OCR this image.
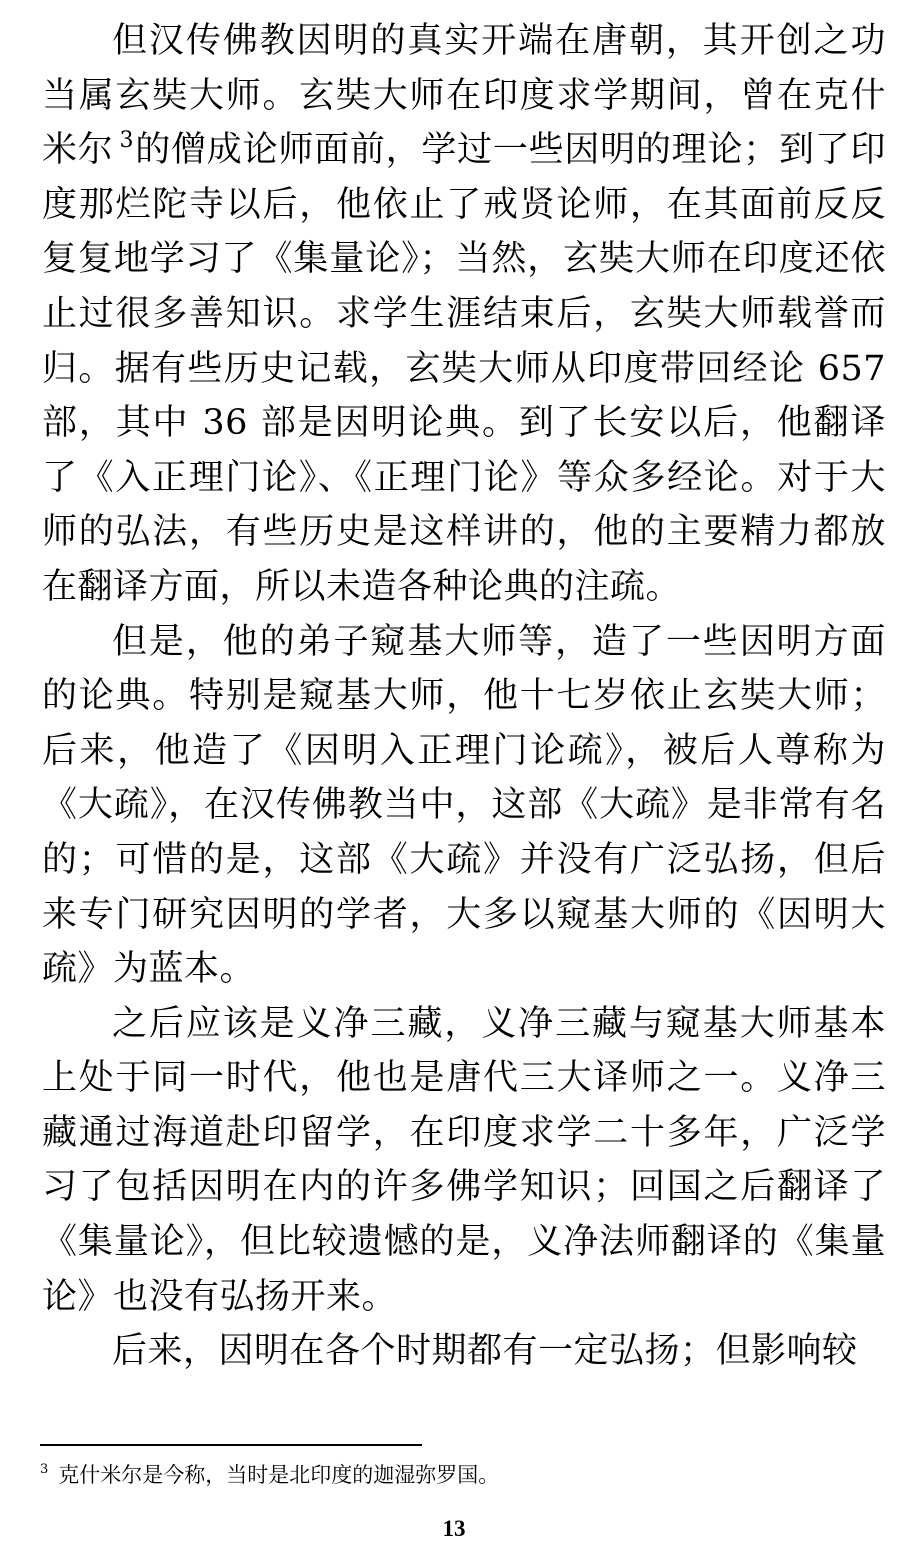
但汉传佛教因明的真实开端在唐朝，其开创之功当属玄奘大师。玄奘大师在印度求学期间，曾在克什米尔 $^3$的僧成论师面前，学过一些因明的理论；到了印度那烂陀寺以后，他依止了戒贤论师，在其面前反反复复地学习了《集量论》；当然，玄奘大师在印度还依止过很多善知识。求学生涯结束后，玄奘大师载誉而归。据有些历史记载，玄奘大师从印度带回经论 657 部，其中 36 部是因明论典。到了长安以后，他翻译了《入正理门论》、《正理门论》等众多经论。对于大师的弘法，有些历史是这样讲的，他的主要精力都放在翻译方面，所以未造各种论典的注疏。

但是，他的弟子窥基大师等，造了一些因明方面的论典。特别是窥基大师，他十七岁依止玄奘大师；后来，他造了《因明入正理门论疏》，被后人尊称为《大疏》，在汉传佛教当中，这部《大疏》是非常有名的；可惜的是，这部《大疏》并没有广泛弘扬，但后来专门研究因明的学者，大多以窥基大师的《因明大疏》为蓝本。

之后应该是义净三藏，义净三藏与窥基大师基本上处于同一时代，他也是唐代三大译师之一。义净三藏通过海道赴印留学，在印度求学二十多年，广泛学习了包括因明在内的许多佛学知识；回国之后翻译了《集量论》，但比较遗憾的是，义净法师翻译的《集量论》也没有弘扬开来。

后来，因明在各个时期都有一定弘扬；但影响较

$^3$ 克什米尔是今称，当时是北印度的迦湿弥罗国。
13
